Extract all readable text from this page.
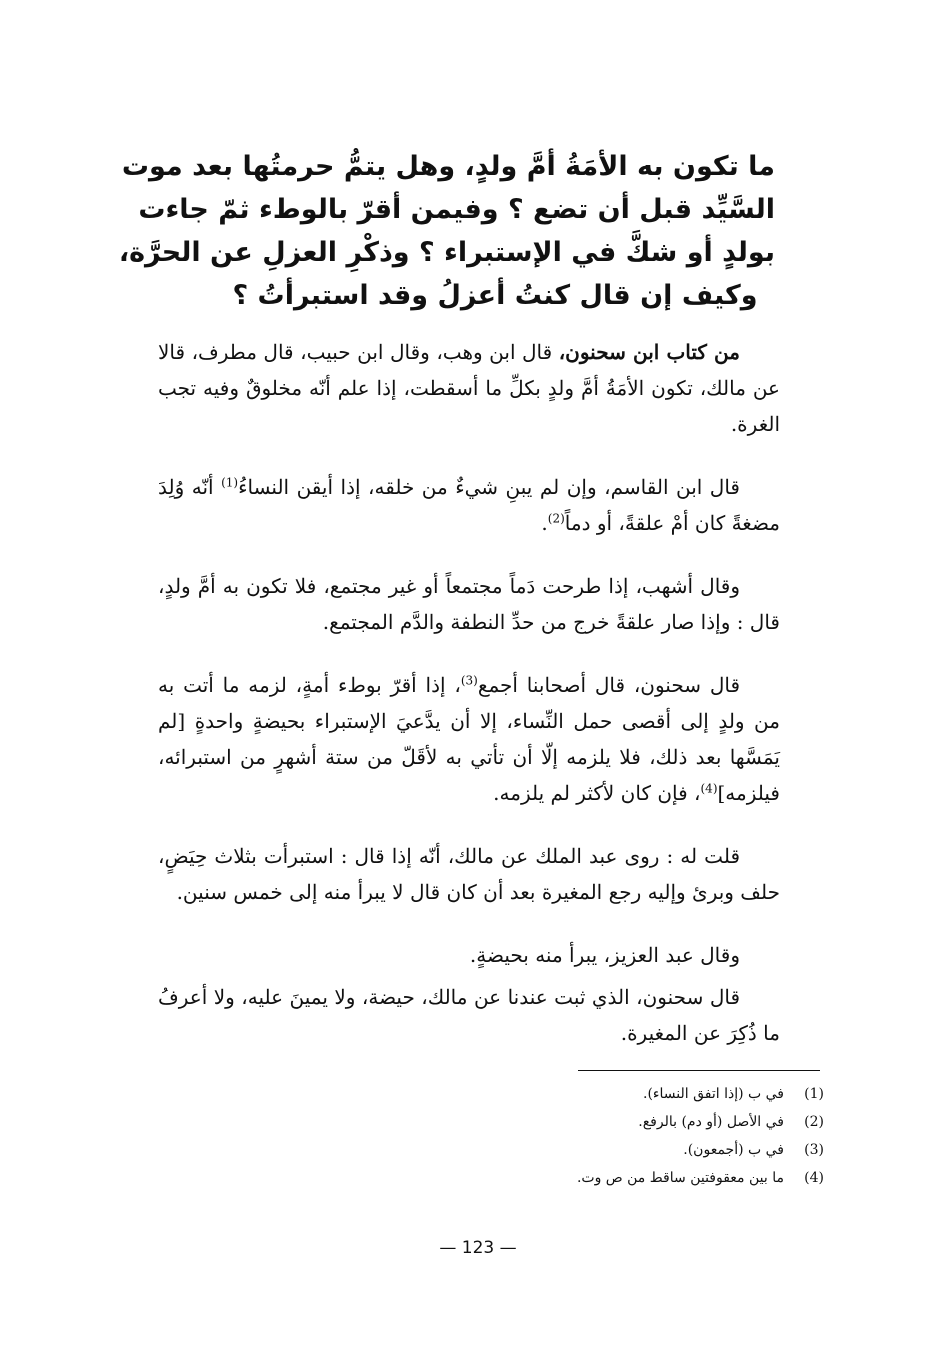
ما تكون به الأمَةُ أمَّ ولدٍ، وهل يتمُّ حرمتُها بعد موت
السَّيِّد قبل أن تضع ؟ وفيمن أقرّ بالوطء ثمّ جاءت
بولدٍ أو شكَّ في الإستبراء ؟ وذكْرِ العزلِ عن الحرَّة،
وكيف إن قال كنتُ أعزلُ وقد استبرأتُ ؟

من كتاب ابن سحنون، قال ابن وهب، وقال ابن حبيب، قال مطرف، قالا عن مالك، تكون الأمَةُ أمَّ ولدٍ بكلِّ ما أسقطت، إذا علم أنّه مخلوقٌ وفيه تجب الغرة.

قال ابن القاسم، وإن لم يبنِ شيءٌ من خلقه، إذا أيقن النساءُ$^{(1)}$ أنّه وُلِدَ مضغةً كان أمْ علقةً، أو دماً$^{(2)}$.

وقال أشهب، إذا طرحت دَماً مجتمعاً أو غير مجتمع، فلا تكون به أمَّ ولدٍ، قال : وإذا صار علقةً خرج من حدِّ النطفة والدَّم المجتمع.

قال سحنون، قال أصحابنا أجمع$^{(3)}$، إذا أقرّ بوطء أمةٍ، لزمه ما أتت به من ولدٍ إلى أقصى حمل النِّساء، إلا أن يدَّعيَ الإستبراء بحيضةٍ واحدةٍ [لم يَمَسَّها بعد ذلك، فلا يلزمه إلّا أن تأتي به لأقَلّ من ستة أشهرٍ من استبرائه، فيلزمه]$^{(4)}$، فإن كان لأكثر لم يلزمه.

قلت له : روى عبد الملك عن مالك، أنّه إذا قال : استبرأت بثلاث حِيَضٍ، حلف وبرئ وإليه رجع المغيرة بعد أن كان قال لا يبرأ منه إلى خمس سنين.

وقال عبد العزيز، يبرأ منه بحيضةٍ.

قال سحنون، الذي ثبت عندنا عن مالك، حيضة، ولا يمينَ عليه، ولا أعرفُ ما ذُكِرَ عن المغيرة.

(1)
في ب (إذا اتفق النساء).
(2)
في الأصل (أو دم) بالرفع.
(3)
في ب (أجمعون).
(4)
ما بين معقوفتين ساقط من ص وت.
— 123 —
